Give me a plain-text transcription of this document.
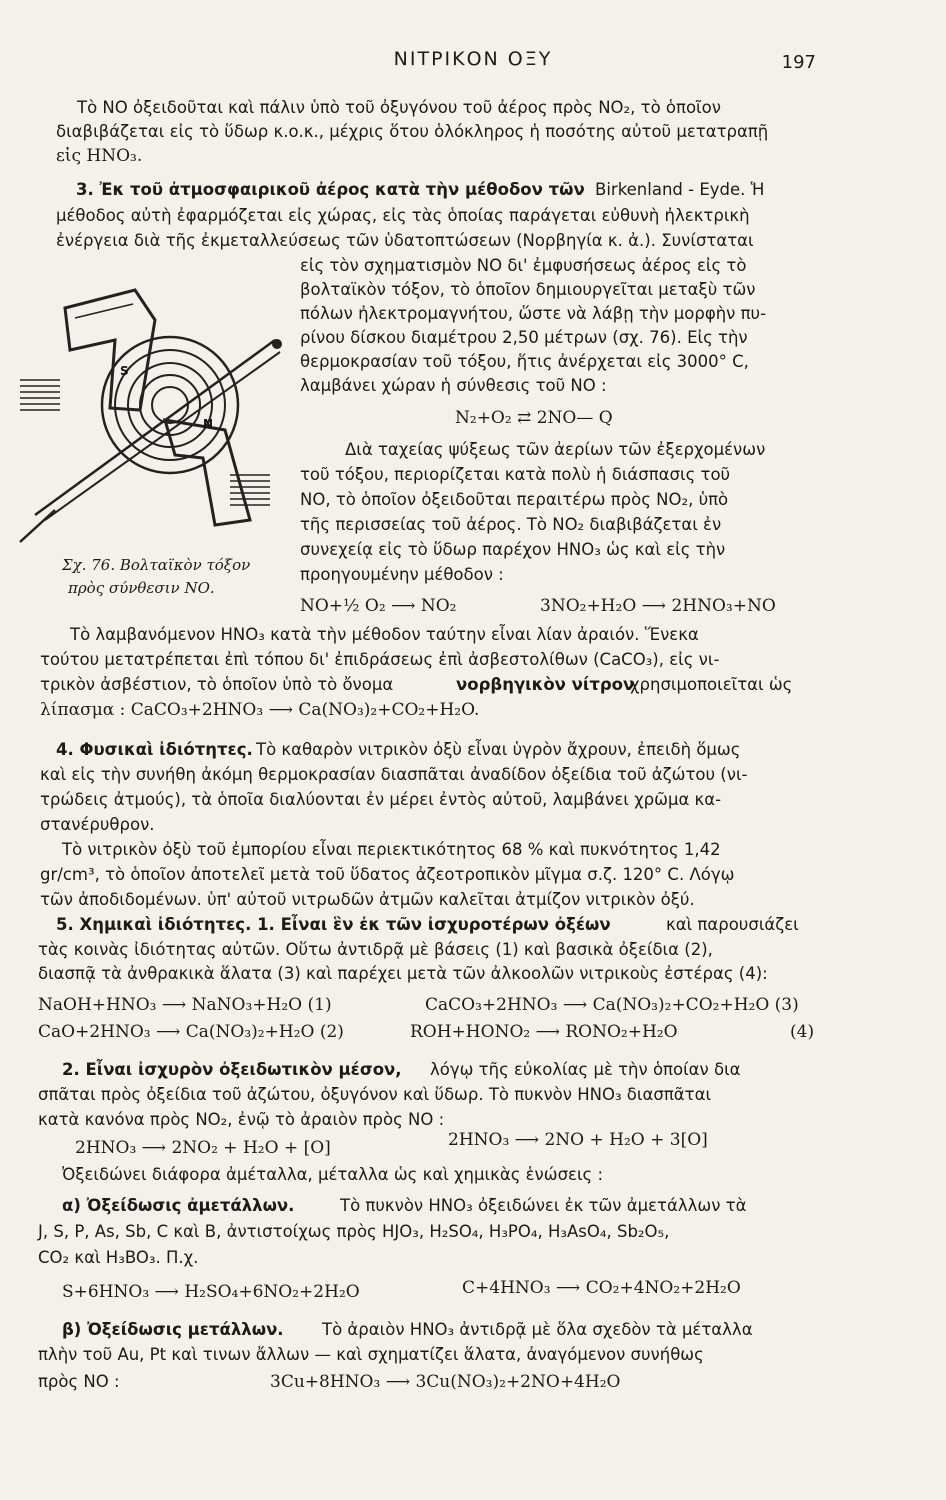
ΝΙΤΡΙΚΟΝ ΟΞΥ	197
Τὸ ΝΟ ὀξειδοῦται καὶ πάλιν ὑπὸ τοῦ ὀξυγόνου τοῦ ἀέρος πρὸς ΝΟ₂, τὸ ὁποῖον
διαβιβάζεται εἰς τὸ ὕδωρ κ.ο.κ., μέχρις ὅτου ὁλόκληρος ἡ ποσότης αὐτοῦ μετατραπῇ
εἰς ΗΝΟ₃.
3. Ἐκ τοῦ ἀτμοσφαιρικοῦ ἀέρος κατὰ τὴν μέθοδον τῶν Birkenland - Eyde. Ἡ
μέθοδος αὐτὴ ἐφαρμόζεται εἰς χώρας, εἰς τὰς ὁποίας παράγεται εὐθυνὴ ἠλεκτρικὴ
ἐνέργεια διὰ τῆς ἐκμεταλλεύσεως τῶν ὑδατοπτώσεων (Νορβηγία κ. ἀ.). Συνίσταται
εἰς τὸν σχηματισμὸν ΝΟ δι' ἐμφυσήσεως ἀέρος εἰς τὸ
βολταϊκὸν τόξον, τὸ ὁποῖον δημιουργεῖται μεταξὺ τῶν
πόλων ἠλεκτρομαγνήτου, ὥστε νὰ λάβῃ τὴν μορφὴν πυ-
ρίνου δίσκου διαμέτρου 2,50 μέτρων (σχ. 76). Εἰς τὴν
θερμοκρασίαν τοῦ τόξου, ἥτις ἀνέρχεται εἰς 3000° C,
λαμβάνει χώραν ἡ σύνθεσις τοῦ ΝΟ :
Ν₂+Ο₂ ⇄ 2ΝΟ— Q
Διὰ ταχείας ψύξεως τῶν ἀερίων τῶν ἐξερχομένων
τοῦ τόξου, περιορίζεται κατὰ πολὺ ἡ διάσπασις τοῦ
ΝΟ, τὸ ὁποῖον ὀξειδοῦται περαιτέρω πρὸς ΝΟ₂, ὑπὸ
τῆς περισσείας τοῦ ἀέρος. Τὸ ΝΟ₂ διαβιβάζεται ἐν
συνεχείᾳ εἰς τὸ ὕδωρ παρέχον ΗΝΟ₃ ὡς καὶ εἰς τὴν
προηγουμένην μέθοδον :
ΝΟ+½ Ο₂ ⟶ ΝΟ₂	3ΝΟ₂+Η₂Ο ⟶ 2ΗΝΟ₃+ΝΟ
S
N
Σχ. 76. Βολταϊκὸν τόξον
πρὸς σύνθεσιν ΝΟ.
Τὸ λαμβανόμενον ΗΝΟ₃ κατὰ τὴν μέθοδον ταύτην εἶναι λίαν ἀραιόν. Ἕνεκα
τούτου μετατρέπεται ἐπὶ τόπου δι' ἐπιδράσεως ἐπὶ ἀσβεστολίθων (CaCO₃), εἰς νι-
τρικὸν ἀσβέστιον, τὸ ὁποῖον ὑπὸ τὸ ὄνομα	νορβηγικὸν νίτρον
χρησιμοποιεῖται ὡς
λίπασμα : CaCO₃+2HNO₃ ⟶ Ca(NO₃)₂+CO₂+H₂O.
4. Φυσικαὶ ἰδιότητες. Τὸ καθαρὸν νιτρικὸν ὀξὺ εἶναι ὑγρὸν ἄχρουν, ἐπειδὴ ὅμως
καὶ εἰς τὴν συνήθη ἀκόμη θερμοκρασίαν διασπᾶται ἀναδίδον ὀξείδια τοῦ ἀζώτου (νι-
τρώδεις ἀτμούς), τὰ ὁποῖα διαλύονται ἐν μέρει ἐντὸς αὐτοῦ, λαμβάνει χρῶμα κα-
στανέρυθρον.
Τὸ νιτρικὸν ὀξὺ τοῦ ἐμπορίου εἶναι περιεκτικότητος 68 % καὶ πυκνότητος 1,42
gr/cm³, τὸ ὁποῖον ἀποτελεῖ μετὰ τοῦ ὕδατος ἀζεοτροπικὸν μῖγμα σ.ζ. 120° C. Λόγῳ
τῶν ἀποδιδομένων. ὑπ' αὐτοῦ νιτρωδῶν ἀτμῶν καλεῖται ἀτμίζον νιτρικὸν ὀξύ.
5. Χημικαὶ ἰδιότητες. 1. Εἶναι ἓν ἐκ τῶν ἰσχυροτέρων ὀξέων	καὶ παρουσιάζει
τὰς κοινὰς ἰδιότητας αὐτῶν. Οὕτω ἀντιδρᾷ μὲ βάσεις (1) καὶ βασικὰ ὀξείδια (2),
διασπᾷ τὰ ἀνθρακικὰ ἅλατα (3) καὶ παρέχει μετὰ τῶν ἀλκοολῶν νιτρικοὺς ἐστέρας (4):
NaOH+HNO₃ ⟶ NaNO₃+H₂O (1)	CaCO₃+2HNO₃ ⟶ Ca(NO₃)₂+CO₂+H₂O (3)
CaO+2HNO₃ ⟶ Ca(NO₃)₂+H₂O (2)	ROH+HONO₂ ⟶ RONO₂+H₂O	(4)
2. Εἶναι ἰσχυρὸν ὀξειδωτικὸν μέσον, λόγῳ τῆς εὐκολίας μὲ τὴν ὁποίαν δια
σπᾶται πρὸς ὀξείδια τοῦ ἀζώτου, ὀξυγόνον καὶ ὕδωρ. Τὸ πυκνὸν ΗΝΟ₃ διασπᾶται
κατὰ κανόνα πρὸς ΝΟ₂, ἐνῷ τὸ ἀραιὸν πρὸς ΝΟ :
2HNO₃ ⟶ 2NO₂ + H₂O + [O]	2HNO₃ ⟶ 2NO + H₂O + 3[O]
Ὀξειδώνει διάφορα ἀμέταλλα, μέταλλα ὡς καὶ χημικὰς ἑνώσεις :
α) Ὀξείδωσις ἀμετάλλων.	Τὸ πυκνὸν ΗΝΟ₃ ὀξειδώνει ἐκ τῶν ἀμετάλλων τὰ
J, S, P, As, Sb, C καὶ B, ἀντιστοίχως πρὸς HJO₃, H₂SO₄, H₃PO₄, H₃AsO₄, Sb₂O₅,
CO₂ καὶ H₃BO₃. Π.χ.
S+6HNO₃ ⟶ H₂SO₄+6NO₂+2H₂O	C+4HNO₃ ⟶ CO₂+4NO₂+2H₂O
β) Ὀξείδωσις μετάλλων. Τὸ ἀραιὸν ΗΝΟ₃ ἀντιδρᾷ μὲ ὅλα σχεδὸν τὰ μέταλλα
πλὴν τοῦ Au, Pt καὶ τινων ἄλλων — καὶ σχηματίζει ἅλατα, ἀναγόμενον συνήθως
πρὸς ΝΟ :	3Cu+8HNO₃ ⟶ 3Cu(NO₃)₂+2NO+4H₂O
